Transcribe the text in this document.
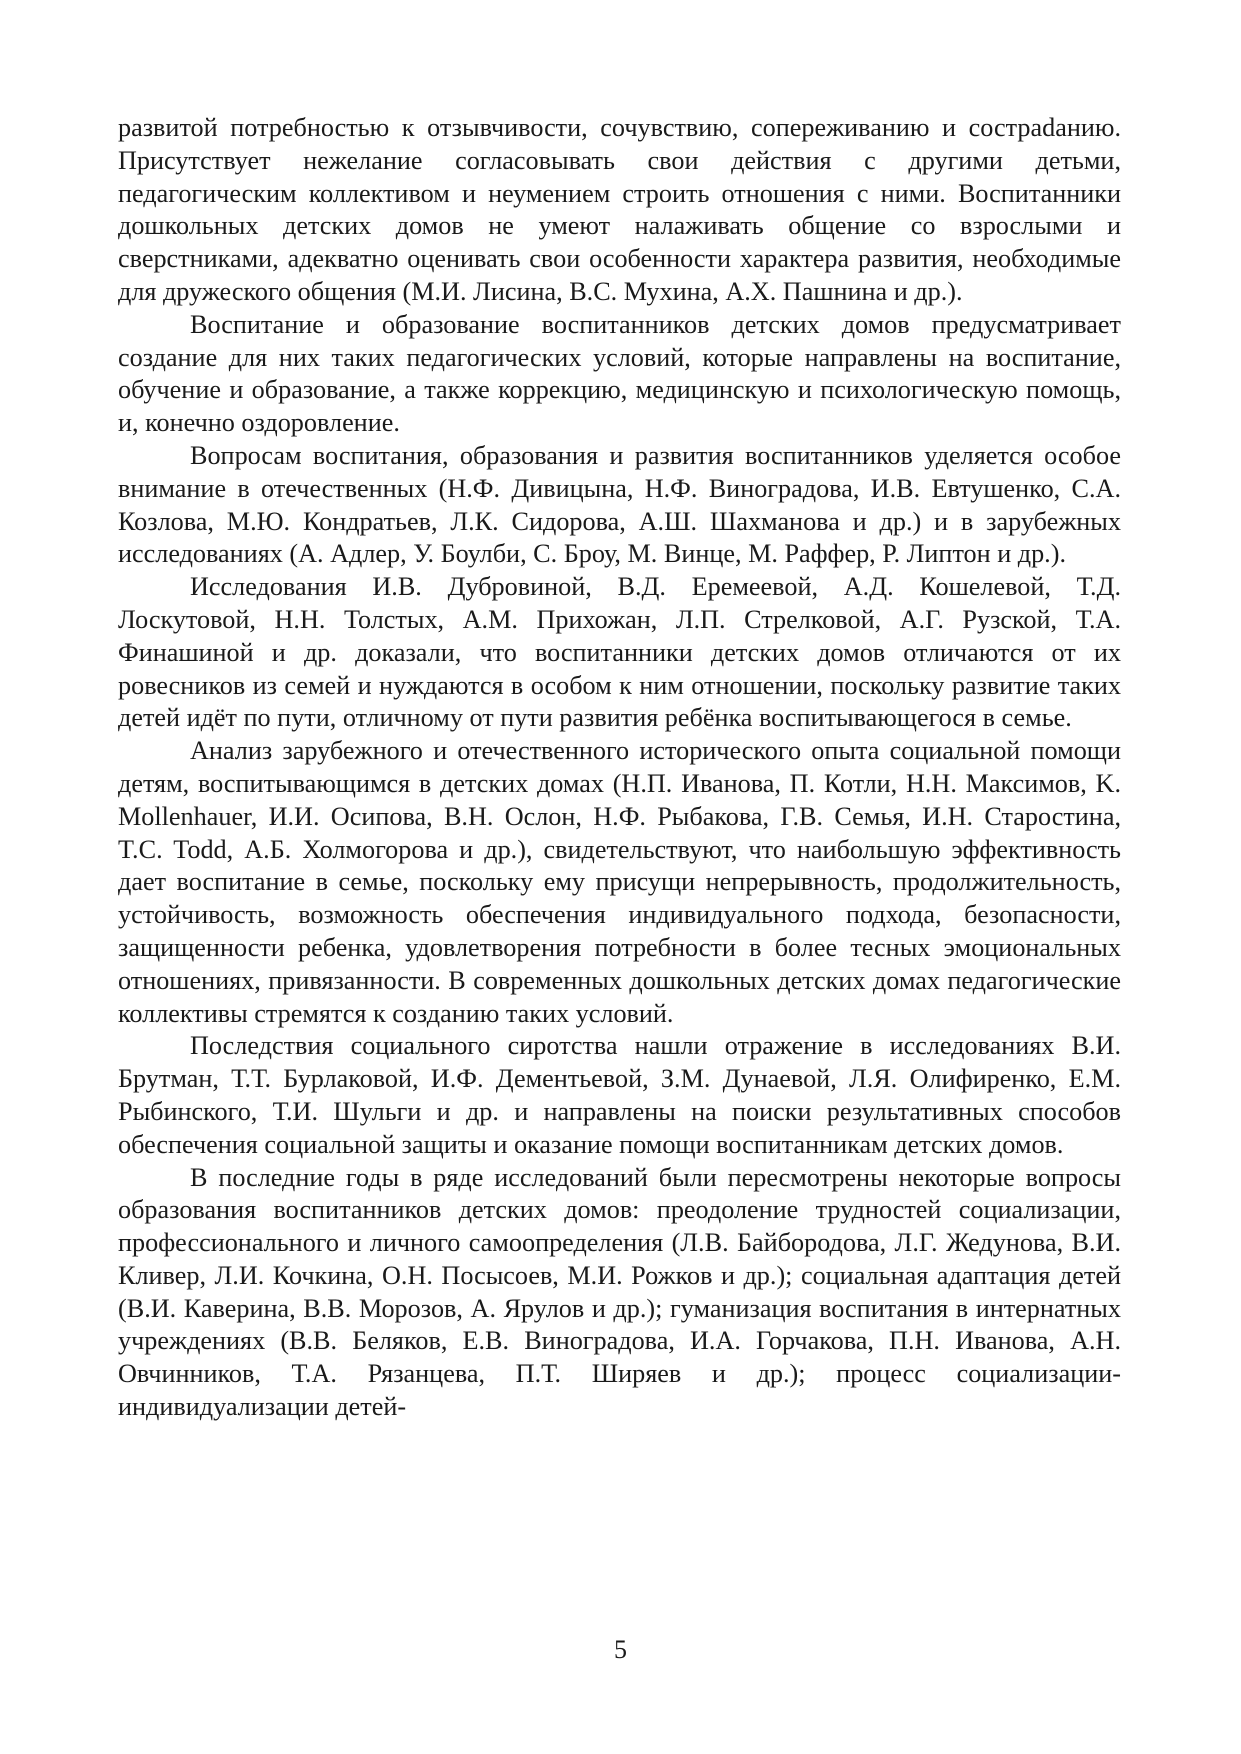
развитой потребностью к отзывчивости, сочувствию, сопереживанию и сострadанию. Присутствует нежелание согласовывать свои действия с другими детьми, педагогическим коллективом и неумением строить отношения с ними. Воспитанники дошкольных детских домов не умеют налаживать общение со взрослыми и сверстниками, адекватно оценивать свои особенности характера развития, необходимые для дружеского общения (М.И. Лисина, В.С. Мухина, А.Х. Пашнина и др.).

Воспитание и образование воспитанников детских домов предусматривает создание для них таких педагогических условий, которые направлены на воспитание, обучение и образование, а также коррекцию, медицинскую и психологическую помощь, и, конечно оздоровление.

Вопросам воспитания, образования и развития воспитанников уделяется особое внимание в отечественных (Н.Ф. Дивицына, Н.Ф. Виноградова, И.В. Евтушенко, С.А. Козлова, М.Ю. Кондратьев, Л.К. Сидорова, А.Ш. Шахманова и др.) и в зарубежных исследованиях (А. Адлер, У. Боулби, С. Броу, М. Винце, М. Раффер, Р. Липтон и др.).

Исследования И.В. Дубровиной, В.Д. Еремеевой, А.Д. Кошелевой, Т.Д. Лоскутовой, Н.Н. Толстых, А.М. Прихожан, Л.П. Стрелковой, А.Г. Рузской, Т.А. Финашиной и др. доказали, что воспитанники детских домов отличаются от их ровесников из семей и нуждаются в особом к ним отношении, поскольку развитие таких детей идёт по пути, отличному от пути развития ребёнка воспитывающегося в семье.

Анализ зарубежного и отечественного исторического опыта социальной помощи детям, воспитывающимся в детских домах (Н.П. Иванова, П. Котли, Н.Н. Максимов, K. Mollenhauer, И.И. Осипова, В.Н. Ослон, Н.Ф. Рыбакова, Г.В. Семья, И.Н. Старостина, T.C. Todd, А.Б. Холмогорова и др.), свидетельствуют, что наибольшую эффективность дает воспитание в семье, поскольку ему присущи непрерывность, продолжительность, устойчивость, возможность обеспечения индивидуального подхода, безопасности, защищенности ребенка, удовлетворения потребности в более тесных эмоциональных отношениях, привязанности. В современных дошкольных детских домах педагогические коллективы стремятся к созданию таких условий.

Последствия социального сиротства нашли отражение в исследованиях В.И. Брутман, Т.Т. Бурлаковой, И.Ф. Дементьевой, З.М. Дунаевой, Л.Я. Олифиренко, Е.М. Рыбинского, Т.И. Шульги и др. и направлены на поиски результативных способов обеспечения социальной защиты и оказание помощи воспитанникам детских домов.

В последние годы в ряде исследований были пересмотрены некоторые вопросы образования воспитанников детских домов: преодоление трудностей социализации, профессионального и личного самоопределения (Л.В. Байбородова, Л.Г. Жедунова, В.И. Кливер, Л.И. Кочкина, О.Н. Посысоев, М.И. Рожков и др.); социальная адаптация детей (В.И. Каверина, В.В. Морозов, А. Ярулов и др.); гуманизация воспитания в интернатных учреждениях (В.В. Беляков, Е.В. Виноградова, И.А. Горчакова, П.Н. Иванова, А.Н. Овчинников, Т.А. Рязанцева, П.Т. Ширяев и др.); процесс социализации-индивидуализации детей-

5
